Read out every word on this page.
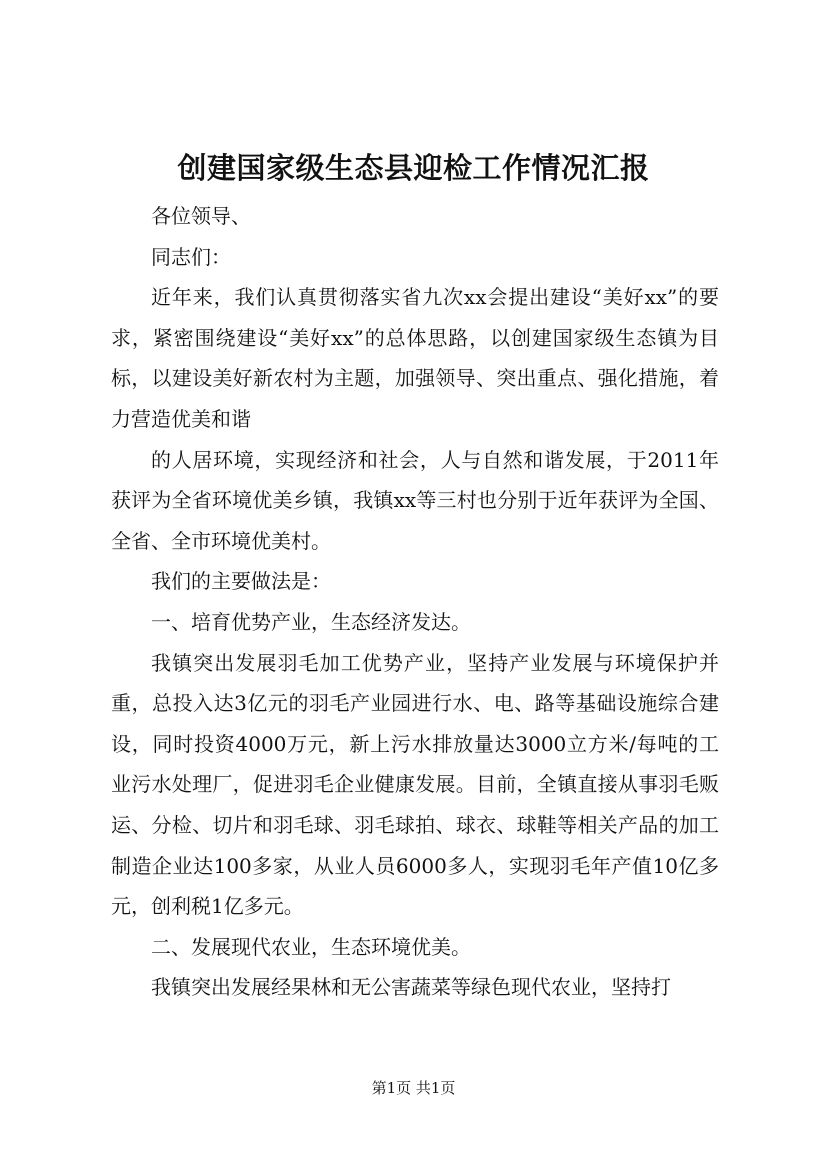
创建国家级生态县迎检工作情况汇报

各位领导、

同志们：

近年来，我们认真贯彻落实省九次xx会提出建设“美好xx”的要求，紧密围绕建设“美好xx”的总体思路，以创建国家级生态镇为目标，以建设美好新农村为主题，加强领导、突出重点、强化措施，着力营造优美和谐

的人居环境，实现经济和社会，人与自然和谐发展，于2011年获评为全省环境优美乡镇，我镇xx等三村也分别于近年获评为全国、全省、全市环境优美村。

我们的主要做法是：

一、培育优势产业，生态经济发达。

我镇突出发展羽毛加工优势产业，坚持产业发展与环境保护并重，总投入达3亿元的羽毛产业园进行水、电、路等基础设施综合建设，同时投资4000万元，新上污水排放量达3000立方米/每吨的工业污水处理厂，促进羽毛企业健康发展。目前，全镇直接从事羽毛贩运、分检、切片和羽毛球、羽毛球拍、球衣、球鞋等相关产品的加工制造企业达100多家，从业人员6000多人，实现羽毛年产值10亿多元，创利税1亿多元。

二、发展现代农业，生态环境优美。

我镇突出发展经果林和无公害蔬菜等绿色现代农业，坚持打

第1页 共1页
